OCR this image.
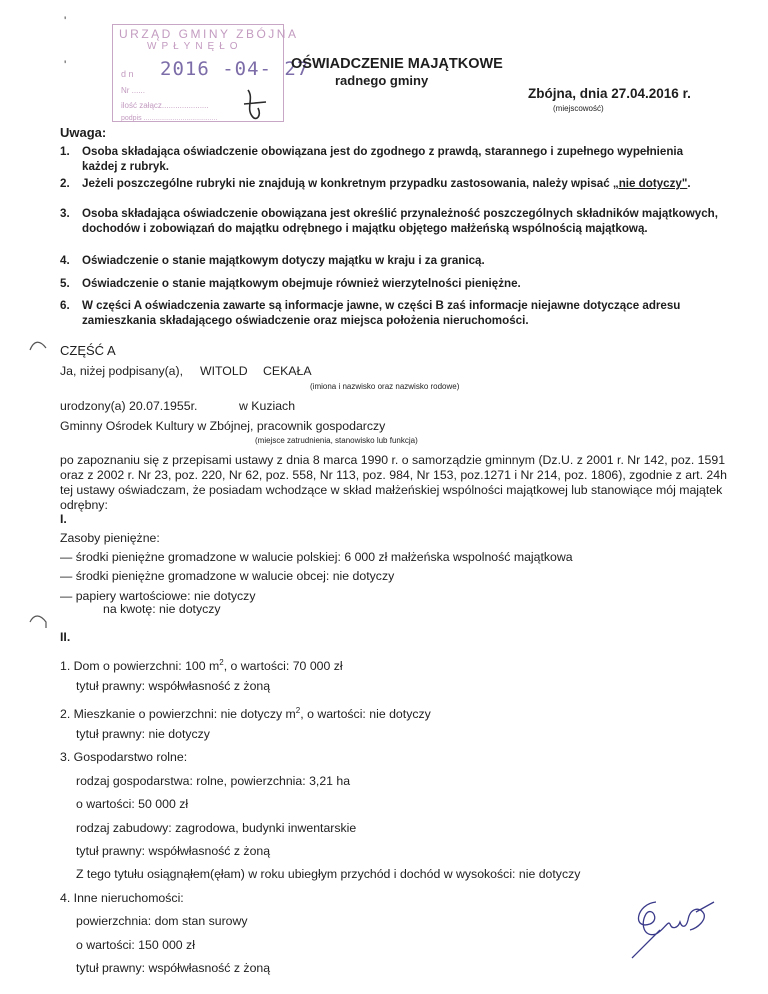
'
'
URZĄD GMINY ZBÓJNA
WPŁYNĘŁO
d n
Nr ......
ilość załącz.....................
podpis ......................................
2016 -04- 27
OŚWIADCZENIE MAJĄTKOWE
radnego gminy
Zbójna, dnia 27.04.2016 r.
(miejscowość)
Uwaga:
1. Osoba składająca oświadczenie obowiązana jest do zgodnego z prawdą, starannego i zupełnego wypełnienia każdej z rubryk.
2. Jeżeli poszczególne rubryki nie znajdują w konkretnym przypadku zastosowania, należy wpisać „nie dotyczy".
3. Osoba składająca oświadczenie obowiązana jest określić przynależność poszczególnych składników majątkowych, dochodów i zobowiązań do majątku odrębnego i majątku objętego małżeńską wspólnością majątkową.
4. Oświadczenie o stanie majątkowym dotyczy majątku w kraju i za granicą.
5. Oświadczenie o stanie majątkowym obejmuje również wierzytelności pieniężne.
6. W części A oświadczenia zawarte są informacje jawne, w części B zaś informacje niejawne dotyczące adresu zamieszkania składającego oświadczenie oraz miejsca położenia nieruchomości.
CZĘŚĆ A
Ja, niżej podpisany(a),	WITOLD CEKAŁA
(imiona i nazwisko oraz nazwisko rodowe)
urodzony(a) 20.07.1955r.	w Kuziach
Gminny Ośrodek Kultury w Zbójnej, pracownik gospodarczy
(miejsce zatrudnienia, stanowisko lub funkcja)
po zapoznaniu się z przepisami ustawy z dnia 8 marca 1990 r. o samorządzie gminnym (Dz.U. z 2001 r. Nr 142, poz. 1591 oraz z 2002 r. Nr 23, poz. 220, Nr 62, poz. 558, Nr 113, poz. 984, Nr 153, poz.1271 i Nr 214, poz. 1806), zgodnie z art. 24h tej ustawy oświadczam, że posiadam wchodzące w skład małżeńskiej wspólności majątkowej lub stanowiące mój majątek odrębny:
I.
Zasoby pieniężne:
— środki pieniężne gromadzone w walucie polskiej: 6 000 zł małżeńska wspolność majątkowa
— środki pieniężne gromadzone w walucie obcej: nie dotyczy
— papiery wartościowe: nie dotyczy
na kwotę: nie dotyczy
II.
1. Dom o powierzchni: 100 $m^2$, o wartości: 70 000 zł
tytuł prawny: współwłasność z żoną
2. Mieszkanie o powierzchni: nie dotyczy $m^2$, o wartości: nie dotyczy
tytuł prawny: nie dotyczy
3. Gospodarstwo rolne:
rodzaj gospodarstwa: rolne, powierzchnia: 3,21 ha
o wartości: 50 000 zł
rodzaj zabudowy: zagrodowa, budynki inwentarskie
tytuł prawny: współwłasność z żoną
Z tego tytułu osiągnąłem(ęłam) w roku ubiegłym przychód i dochód w wysokości: nie dotyczy
4. Inne nieruchomości:
powierzchnia: dom stan surowy
o wartości: 150 000 zł
tytuł prawny: współwłasność z żoną
